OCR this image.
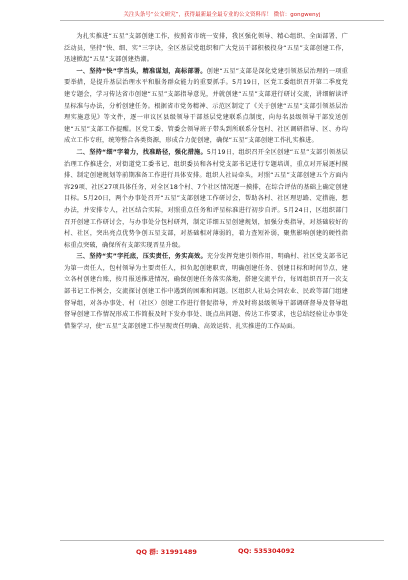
关注头条号“公文研究”，获得最新最全最专业的公文资料库！ 微信：gongwenyj

为扎实推进“五星”支部创建工作，按照省市统一安排，我区强化领导、精心组织、全面部署、广泛动员，坚持“快、细、实”三字诀，全区基层党组织和广大党员干部积极投身“五星”支部创建工作，迅速掀起“五星”支部创建热潮。

一、坚持“快”字当头，精准谋划，高标部署。创建“五星”支部是深化党建引领基层治理的一项重要举措，是提升基层治理水平和服务群众能力的重要抓手。5月19日，区党工委组织召开第二季度党建专题会，学习传达省市创建“五星”支部指导意见，并就创建“五星”支部进行研讨交流，讲细解读评星标准与办法，分析创建任务。根据省市党务精神、示范区制定了《关于创建“五星”支部引领基层治理实施意见》等文件，逐一审议区县级领导干部基层党建联系点制度，向每名县级领导干部发送创建“五星”支部工作提醒。区党工委、管委会领导班子带头到所联系分包村、社区调研指导、区、办均成立工作专班，统筹整合各类资源，形成合力促创建，确保“五星”支部创建工作扎实推进。

二、坚持“细”字着力，找准路径，强化措施。5月19日，组织召开全区创建“五星”支部引领基层治理工作推进会，对街道党工委书记、组织委员和各村党支部书记进行专题培训，重点对开展逐村摸排、制定创建规划等前期准备工作进行具体安排。组织人社局牵头，对照“五星”支部创建五个方面内容29项、社区27项具体任务，对全区18个村、7个社区情况逐一摸排，在综合评估的基础上确定创建目标。5月20日，两个办事处召开“五星”支部创建工作研讨会，帮助各村、社区理思路、定措施，想办法，并安排专人，社区结合实际，对照重点任务和评星标准进行初步自评。5月24日，区组织部门召开创建工作研讨会，与办事处分包村研判，制定详细五星创建规划，加强分类指导，对基础较好的村、社区，突出亮点优势争创五星支部，对基础相对薄弱的，着力查短补弱，聚焦影响创建的硬性指标重点突破，确保所有支部实现晋星升级。

三、坚持“实”字托底，压实责任，务实高效。充分发挥党建引领作用，明确村、社区党支部书记为第一责任人，包村领导为主要责任人，担负起创建职责，明确创建任务、创建目标和时间节点，建立各村创建台账，按月报送推进情况，确保创建任务落实落地，搭建交流平台，每周组织召开一次支部书记工作例会，交流探讨创建工作中遇到的困难和问题。区组织人社局会同农业、民政等部门组建督导组，对各办事处、村（社区）创建工作进行督促指导，并及时将县级领导干部调研督导及督导组督导创建工作情况形成工作简报及时下发办事处、既点出问题、传达工作要求，也总结经验让办事处借鉴学习，使“五星”支部创建工作呈现责任明确、高效运转、扎实推进的工作局面。

QQ 群: 31991489	QQ: 535304092
